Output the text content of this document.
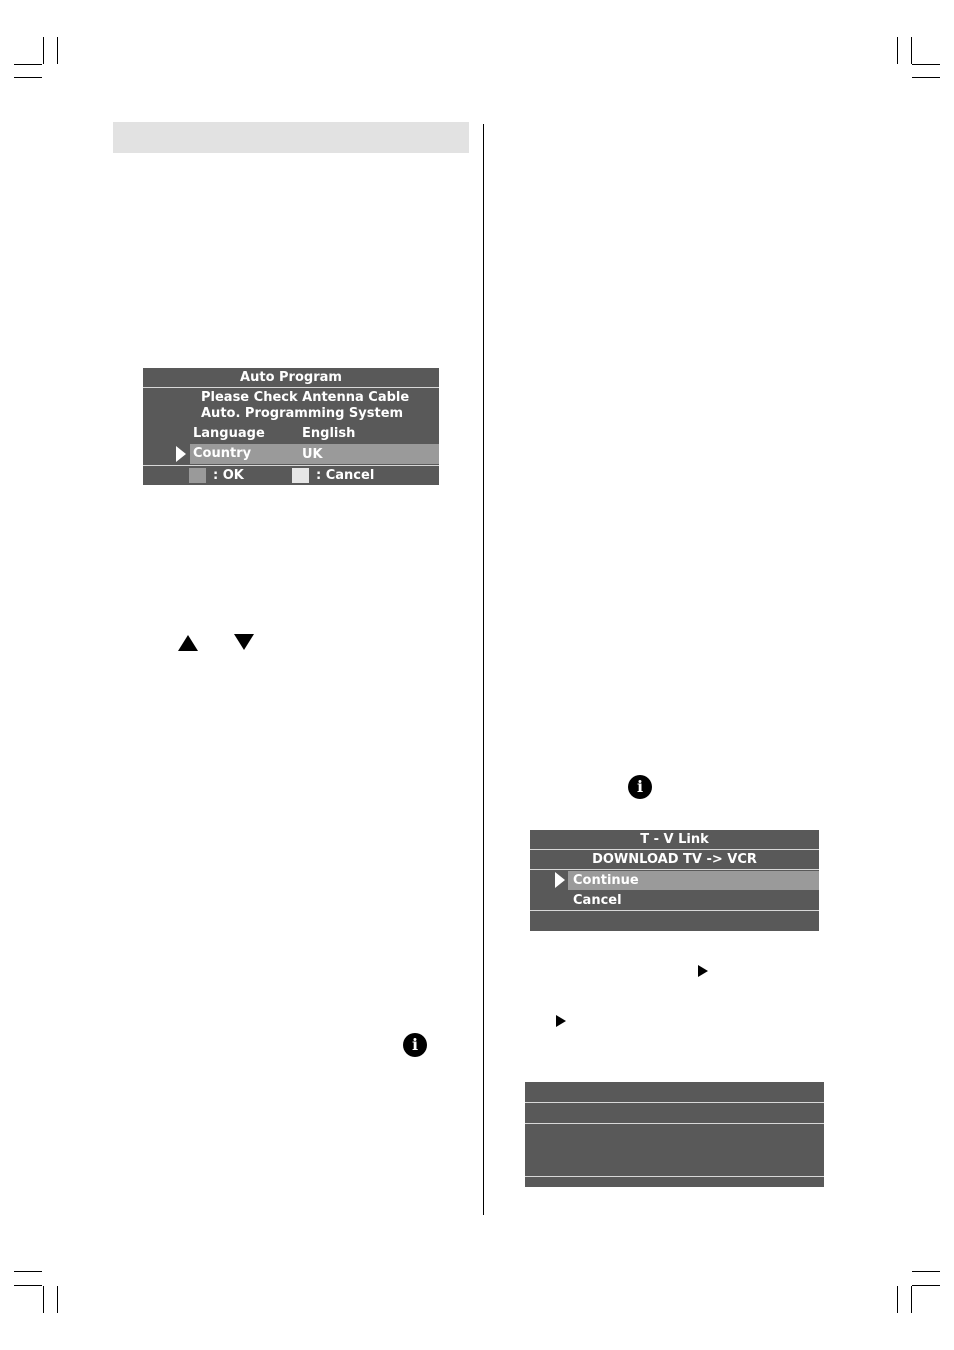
Auto Program
Please Check Antenna Cable
Auto. Programming System
Language	English
Country	UK
: OK	: Cancel
i
i
T - V Link
DOWNLOAD TV -> VCR
Continue
Cancel
